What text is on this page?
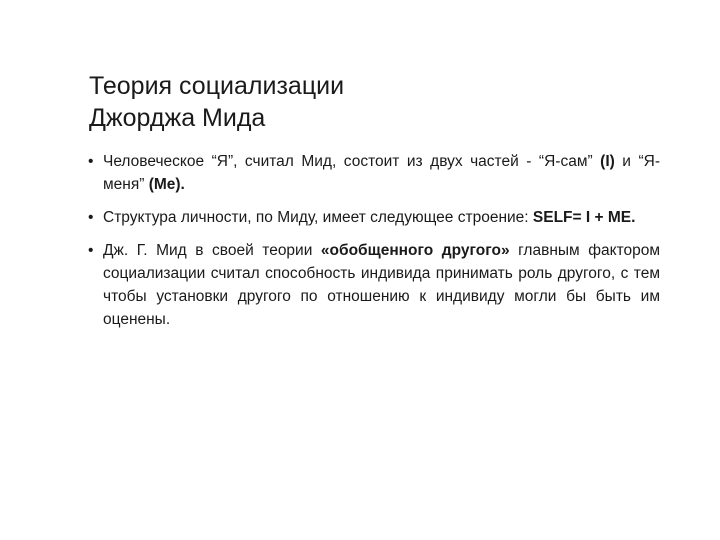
Теория социализации
Джорджа Мида
• Человеческое “Я”, считал Мид, состоит из двух частей - “Я-сам” (I) и “Я-меня” (Me).
• Структура личности, по Миду, имеет следующее строение: SELF= I + ME.
• Дж. Г. Мид в своей теории «обобщенного другого» главным фактором социализации считал способность индивида принимать роль другого, с тем чтобы установки другого по отношению к индивиду могли бы быть им оценены.
